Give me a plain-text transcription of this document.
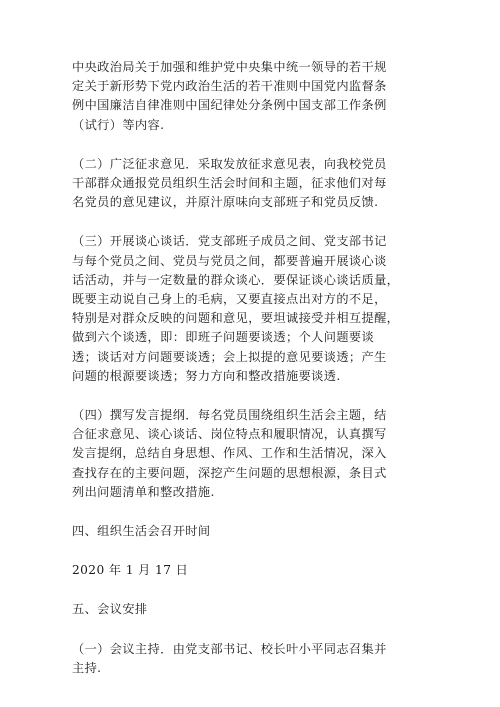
中央政治局关于加强和维护党中央集中统一领导的若干规
定关于新形势下党内政治生活的若干准则中国党内监督条
例中国廉洁自律准则中国纪律处分条例中国支部工作条例
（试行）等内容.

（二）广泛征求意见．采取发放征求意见表，向我校党员
干部群众通报党员组织生活会时间和主题，征求他们对每
名党员的意见建议，并原汁原味向支部班子和党员反馈.

（三）开展谈心谈话．党支部班子成员之间、党支部书记
与每个党员之间、党员与党员之间，都要普遍开展谈心谈
话活动，并与一定数量的群众谈心．要保证谈心谈话质量，
既要主动说自己身上的毛病，又要直接点出对方的不足，
特别是对群众反映的问题和意见，要坦诚接受并相互提醒，
做到六个谈透，即：即班子问题要谈透；个人问题要谈
透；谈话对方问题要谈透；会上拟提的意见要谈透；产生
问题的根源要谈透；努力方向和整改措施要谈透.

（四）撰写发言提纲．每名党员围绕组织生活会主题，结
合征求意见、谈心谈话、岗位特点和履职情况，认真撰写
发言提纲，总结自身思想、作风、工作和生活情况，深入
查找存在的主要问题，深挖产生问题的思想根源，条目式
列出问题清单和整改措施.

四、组织生活会召开时间

2020 年 1 月 17 日

五、会议安排

（一）会议主持．由党支部书记、校长叶小平同志召集并
主持.
